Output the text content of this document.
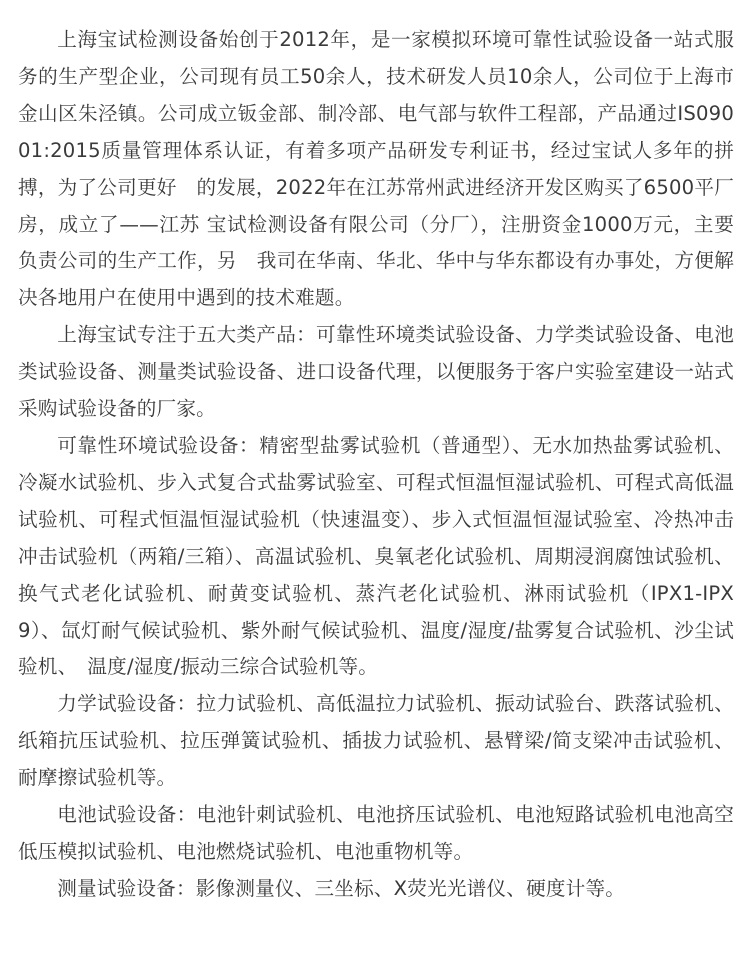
上海宝试检测设备始创于2012年，是一家模拟环境可靠性试验设备一站式服务的生产型企业，公司现有员工50余人，技术研发人员10余人，公司位于上海市金山区朱泾镇。公司成立钣金部、制冷部、电气部与软件工程部，产品通过IS09001:2015质量管理体系认证，有着多项产品研发专利证书，经过宝试人多年的拼搏，为了公司更好　的发展，2022年在江苏常州武进经济开发区购买了6500平厂房，成立了——江苏 宝试检测设备有限公司（分厂），注册资金1000万元，主要负责公司的生产工作，另　我司在华南、华北、华中与华东都设有办事处，方便解决各地用户在使用中遇到的技术难题。

上海宝试专注于五大类产品：可靠性环境类试验设备、力学类试验设备、电池类试验设备、测量类试验设备、进口设备代理，以便服务于客户实验室建设一站式采购试验设备的厂家。

可靠性环境试验设备：精密型盐雾试验机（普通型）、无水加热盐雾试验机、冷凝水试验机、步入式复合式盐雾试验室、可程式恒温恒湿试验机、可程式高低温试验机、可程式恒温恒湿试验机（快速温变）、步入式恒温恒湿试验室、冷热冲击冲击试验机（两箱/三箱）、高温试验机、臭氧老化试验机、周期浸润腐蚀试验机、换气式老化试验机、耐黄变试验机、蒸汽老化试验机、淋雨试验机（IPX1-IPX9）、氙灯耐气候试验机、紫外耐气候试验机、温度/湿度/盐雾复合试验机、沙尘试验机、　温度/湿度/振动三综合试验机等。

力学试验设备：拉力试验机、高低温拉力试验机、振动试验台、跌落试验机、纸箱抗压试验机、拉压弹簧试验机、插拔力试验机、悬臂梁/简支梁冲击试验机、耐摩擦试验机等。

电池试验设备：电池针刺试验机、电池挤压试验机、电池短路试验机电池高空低压模拟试验机、电池燃烧试验机、电池重物机等。

测量试验设备：影像测量仪、三坐标、X荧光光谱仪、硬度计等。
